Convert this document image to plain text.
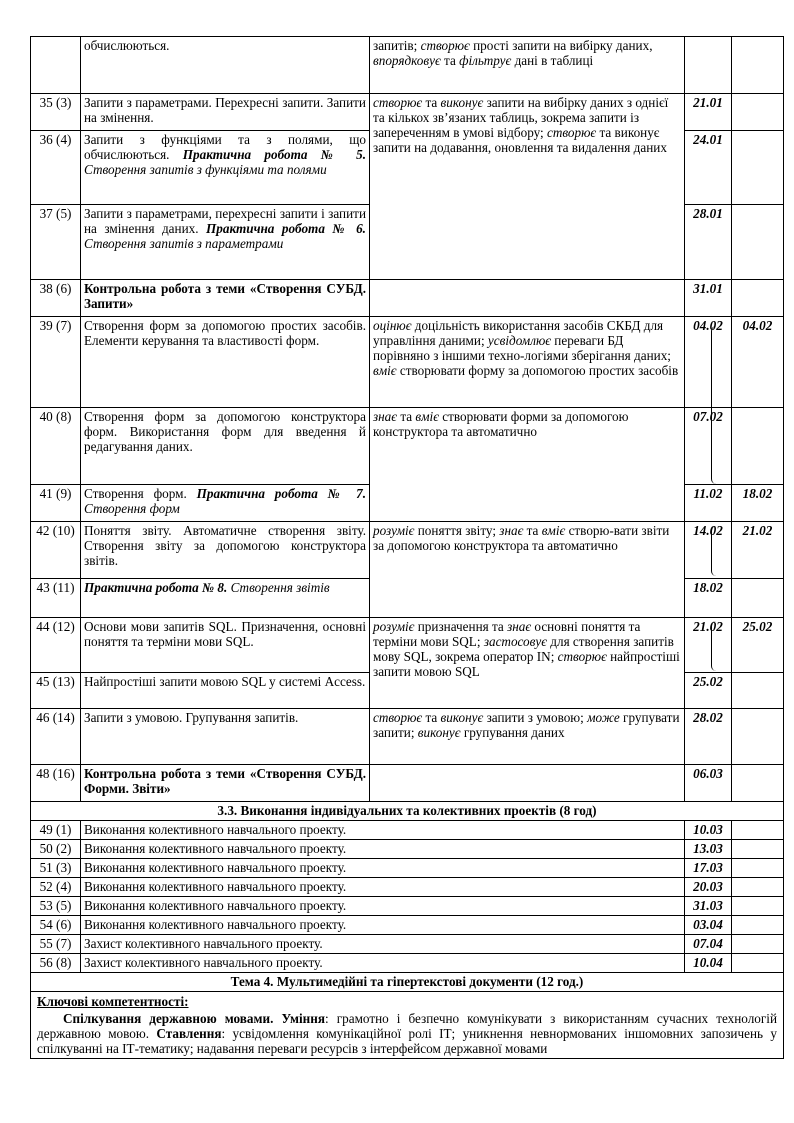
	обчислюються.	запитів; створює прості запити на вибірку даних, впорядковує та фільтрує дані в таблиці		
35 (3)	Запити з параметрами. Перехресні запити. Запити на змінення.	створює та виконує запити на вибірку даних з однієї та кількох зв’язаних таблиць, зокрема запити із запереченням в умові відбору; створює та виконує запити на додавання, оновлення та видалення даних	21.01	
36 (4)	Запити з функціями та з полями, що обчислюються. Практична робота № 5. Створення запитів з функціями та полями		24.01	
37 (5)	Запити з параметрами, перехресні запити і запити на змінення даних. Практична робота № 6. Створення запитів з параметрами		28.01	
38 (6)	Контрольна робота з теми «Створення СУБД. Запити»		31.01	
39 (7)	Створення форм за допомогою простих засобів. Елементи керування та властивості форм.	оцінює доцільність використання засобів СКБД для управління даними; усвідомлює переваги БД порівняно з іншими техно-логіями зберігання даних; вміє створювати форму за допомогою простих засобів	04.02	04.02
40 (8)	Створення форм за допомогою конструктора форм. Використання форм для введення й редагування даних.	знає та вміє створювати форми за допомогою конструктора та автоматично	07.02	
41 (9)	Створення форм. Практична робота № 7. Створення форм		11.02	18.02
42 (10)	Поняття звіту. Автоматичне створення звіту. Створення звіту за допомогою конструктора звітів.	розуміє поняття звіту; знає та вміє створю-вати звіти за допомогою конструктора та автоматично	14.02	21.02
43 (11)	Практична робота № 8. Створення звітів		18.02	
44 (12)	Основи мови запитів SQL. Призначення, основні поняття та терміни мови SQL.	розуміє призначення та знає основні поняття та терміни мови SQL; застосовує для створення запитів мову SQL, зокрема оператор IN; створює найпростіші запити мовою SQL	21.02	25.02
45 (13)	Найпростіші запити мовою SQL у системі Access.		25.02	
46 (14)	Запити з умовою. Групування запитів.	створює та виконує запити з умовою; може групувати запити; виконує групування даних	28.02	
48 (16)	Контрольна робота з теми «Створення СУБД. Форми. Звіти»		06.03	
3.3. Виконання індивідуальних та колективних проектів (8 год)				
49 (1)	Виконання колективного навчального проекту.		10.03	
50 (2)	Виконання колективного навчального проекту.		13.03	
51 (3)	Виконання колективного навчального проекту.		17.03	
52 (4)	Виконання колективного навчального проекту.		20.03	
53 (5)	Виконання колективного навчального проекту.		31.03	
54 (6)	Виконання колективного навчального проекту.		03.04	
55 (7)	Захист колективного навчального проекту.		07.04	
56 (8)	Захист колективного навчального проекту.		10.04	
Тема 4. Мультимедійні та гіпертекстові документи (12 год.)				

Ключові компетентності:
Спілкування державною мовами. Уміння: грамотно і безпечно комунікувати з використанням сучасних технологій державною мовою. Ставлення: усвідомлення комунікаційної ролі ІТ; уникнення невнормованих іншомовних запозичень у спілкуванні на ІТ-тематику; надавання переваги ресурсів з інтерфейсом державної мовами				
